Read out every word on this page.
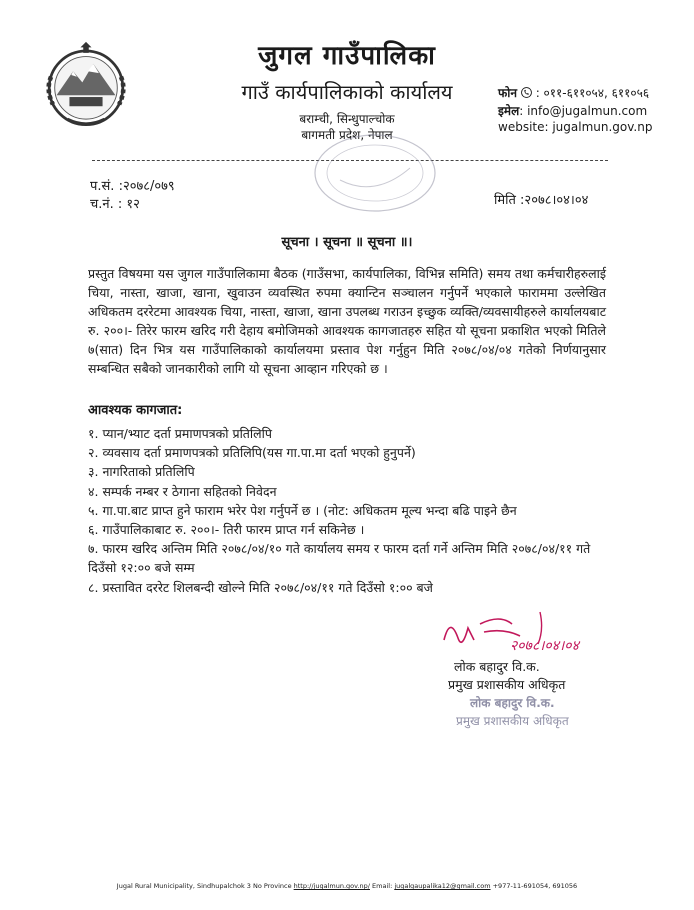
जुगल गाउँपालिका
गाउँ कार्यपालिकाको कार्यालय
बराम्ची, सिन्धुपाल्चोक
बागमती प्रदेश, नेपाल
फोन : ०११-६११०५४, ६११०५६
इमेल: info@jugalmun.com
website: jugalmun.gov.np
प.सं. :२०७८/०७९
च.नं. : १२	मिति :२०७८।०४।०४
सूचना । सूचना ॥ सूचना ॥।
प्रस्तुत विषयमा यस जुगल गाउँपालिकामा बैठक (गाउँसभा, कार्यपालिका, विभिन्न समिति) समय तथा कर्मचारीहरुलाई चिया, नास्ता, खाजा, खाना, खुवाउन व्यवस्थित रुपमा क्यान्टिन सञ्चालन गर्नुपर्ने भएकाले फाराममा उल्लेखित अधिकतम दररेटमा आवश्यक चिया, नास्ता, खाजा, खाना उपलब्ध गराउन इच्छुक व्यक्ति/व्यवसायीहरुले कार्यालयबाट रु. २००।- तिरेर फारम खरिद गरी देहाय बमोजिमको आवश्यक कागजातहरु सहित यो सूचना प्रकाशित भएको मितिले ७(सात) दिन भित्र यस गाउँपालिकाको कार्यालयमा प्रस्ताव पेश गर्नुहुन मिति २०७८/०४/०४ गतेको निर्णयानुसार सम्बन्धित सबैको जानकारीको लागि यो सूचना आव्हान गरिएको छ ।
आवश्यक कागजात:
१. प्यान/भ्याट दर्ता प्रमाणपत्रको प्रतिलिपि
२. व्यवसाय दर्ता प्रमाणपत्रको प्रतिलिपि(यस गा.पा.मा दर्ता भएको हुनुपर्ने)
३. नागरिताको प्रतिलिपि
४. सम्पर्क नम्बर र ठेगाना सहितको निवेदन
५. गा.पा.बाट प्राप्त हुने फाराम भरेर पेश गर्नुपर्ने छ । (नोट: अधिकतम मूल्य भन्दा बढि पाइने छैन
६. गाउँपालिकाबाट रु. २००।- तिरी फारम प्राप्त गर्न सकिनेछ ।
७. फारम खरिद अन्तिम मिति २०७८/०४/१० गते कार्यालय समय र फारम दर्ता गर्ने अन्तिम मिति २०७८/०४/११ गते दिउँसो १२:०० बजे सम्म
८. प्रस्तावित दररेट शिलबन्दी खोल्ने मिति २०७८/०४/११ गते दिउँसो १:०० बजे
२०७८।०४।०४
लोक बहादुर वि.क.
प्रमुख प्रशासकीय अधिकृत
लोक बहादुर वि.क.
प्रमुख प्रशासकीय अधिकृत
Jugal Rural Municipality, Sindhupalchok 3 No Province http://jugalmun.gov.np/ Email: jugalgaupalika12@gmail.com +977-11-691054, 691056
